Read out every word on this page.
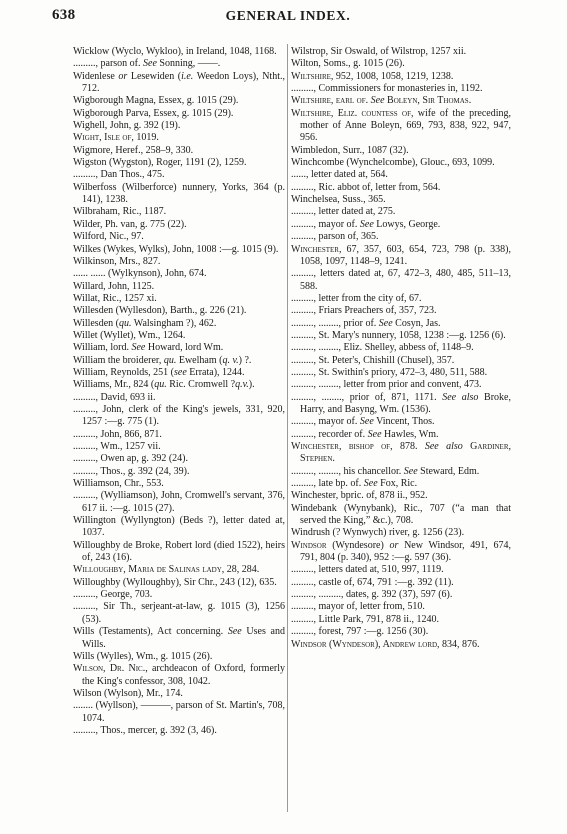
638	GENERAL INDEX.

Wicklow (Wyclo, Wykloo), in Ireland, 1048, 1168.

........., parson of. See Sonning, ——.

Widenlese or Lesewiden (i.e. Weedon Loys), Ntht., 712.

Wigborough Magna, Essex, g. 1015 (29).

Wigborough Parva, Essex, g. 1015 (29).

Wighell, John, g. 392 (19).

Wight, Isle of, 1019.

Wigmore, Heref., 258–9, 330.

Wigston (Wygston), Roger, 1191 (2), 1259.

........., Dan Thos., 475.

Wilberfoss (Wilberforce) nunnery, Yorks, 364 (p. 141), 1238.

Wilbraham, Ric., 1187.

Wilder, Ph. van, g. 775 (22).

Wilford, Nic., 97.

Wilkes (Wykes, Wylks), John, 1008 :—g. 1015 (9).

Wilkinson, Mrs., 827.

...... ...... (Wylkynson), John, 674.

Willard, John, 1125.

Willat, Ric., 1257 xi.

Willesden (Wyllesdon), Barth., g. 226 (21).

Willesden (qu. Walsingham ?), 462.

Willet (Wyllet), Wm., 1264.

William, lord. See Howard, lord Wm.

William the broiderer, qu. Ewelham (q. v.) ?.

William, Reynolds, 251 (see Errata), 1244.

Williams, Mr., 824 (qu. Ric. Cromwell ?q.v.).

........., David, 693 ii.

........., John, clerk of the King's jewels, 331, 920, 1257 :—g. 775 (1).

........., John, 866, 871.

........., Wm., 1257 vii.

........., Owen ap, g. 392 (24).

........., Thos., g. 392 (24, 39).

Williamson, Chr., 553.

........., (Wylliamson), John, Cromwell's servant, 376, 617 ii. :—g. 1015 (27).

Willington (Wyllyngton) (Beds ?), letter dated at, 1037.

Willoughby de Broke, Robert lord (died 1522), heirs of, 243 (16).

Willoughby, Maria de Salinas lady, 28, 284.

Willoughby (Wylloughby), Sir Chr., 243 (12), 635.

........., George, 703.

........., Sir Th., serjeant-at-law, g. 1015 (3), 1256 (53).

Wills (Testaments), Act concerning. See Uses and Wills.

Wills (Wylles), Wm., g. 1015 (26).

Wilson, Dr. Nic., archdeacon of Oxford, formerly the King's confessor, 308, 1042.

Wilson (Wylson), Mr., 174.

........ (Wyllson), ———, parson of St. Martin's, 708, 1074.

........., Thos., mercer, g. 392 (3, 46).

Wilstrop, Sir Oswald, of Wilstrop, 1257 xii.

Wilton, Soms., g. 1015 (26).

Wiltshire, 952, 1008, 1058, 1219, 1238.

........., Commissioners for monasteries in, 1192.

Wiltshire, earl of. See Boleyn, Sir Thomas.

Wiltshire, Eliz. countess of, wife of the preceding, mother of Anne Boleyn, 669, 793, 838, 922, 947, 956.

Wimbledon, Surr., 1087 (32).

Winchcombe (Wynchelcombe), Glouc., 693, 1099.

......, letter dated at, 564.

........., Ric. abbot of, letter from, 564.

Winchelsea, Suss., 365.

........., letter dated at, 275.

........., mayor of. See Lowys, George.

........., parson of, 365.

Winchester, 67, 357, 603, 654, 723, 798 (p. 338), 1058, 1097, 1148–9, 1241.

........., letters dated at, 67, 472–3, 480, 485, 511–13, 588.

........., letter from the city of, 67.

........., Friars Preachers of, 357, 723.

........., ........, prior of. See Cosyn, Jas.

........., St. Mary's nunnery, 1058, 1238 :—g. 1256 (6).

........., ........, Eliz. Shelley, abbess of, 1148–9.

........., St. Peter's, Chishill (Chusel), 357.

........., St. Swithin's priory, 472–3, 480, 511, 588.

........., ........, letter from prior and convent, 473.

........., ........, prior of, 871, 1171. See also Broke, Harry, and Basyng, Wm. (1536).

........., mayor of. See Vincent, Thos.

........., recorder of. See Hawles, Wm.

Winchester, bishop of, 878. See also Gardiner, Stephen.

........., ........, his chancellor. See Steward, Edm.

........., late bp. of. See Fox, Ric.

Winchester, bpric. of, 878 ii., 952.

Windebank (Wynybank), Ric., 707 (“a man that served the King,” &c.), 708.

Windrush (? Wynwych) river, g. 1256 (23).

Windsor (Wyndesore) or New Windsor, 491, 674, 791, 804 (p. 340), 952 :—g. 597 (36).

........., letters dated at, 510, 997, 1119.

........., castle of, 674, 791 :—g. 392 (11).

........., ........., dates, g. 392 (37), 597 (6).

........., mayor of, letter from, 510.

........., Little Park, 791, 878 ii., 1240.

........., forest, 797 :—g. 1256 (30).

Windsor (Wyndesor), Andrew lord, 834, 876.
